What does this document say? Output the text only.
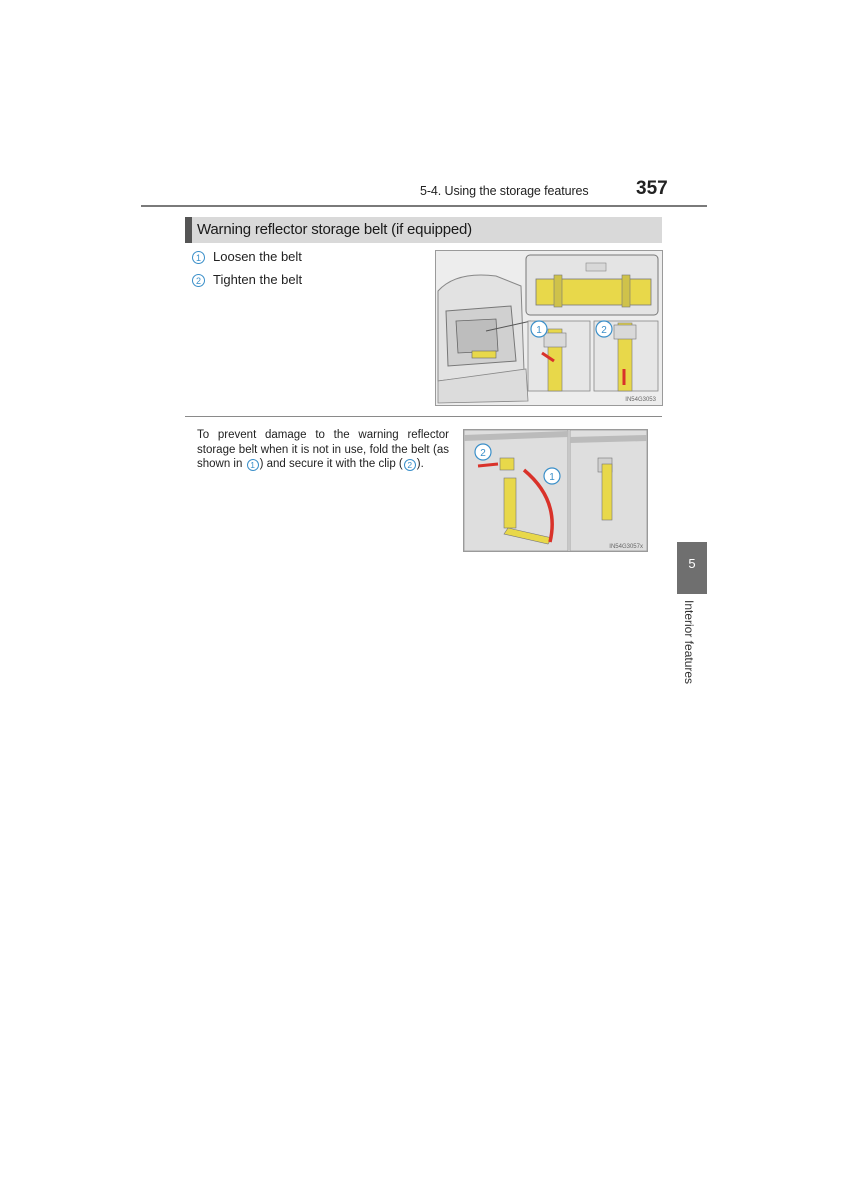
5-4. Using the storage features 357
Warning reflector storage belt (if equipped)
1 Loosen the belt
2 Tighten the belt
1	2
IN54G3053
To prevent damage to the warning reflector storage belt when it is not in use, fold the belt (as shown in 1 ) and secure it with the clip ( 2 ).
2
1
IN54G3057x
5
Interior features
